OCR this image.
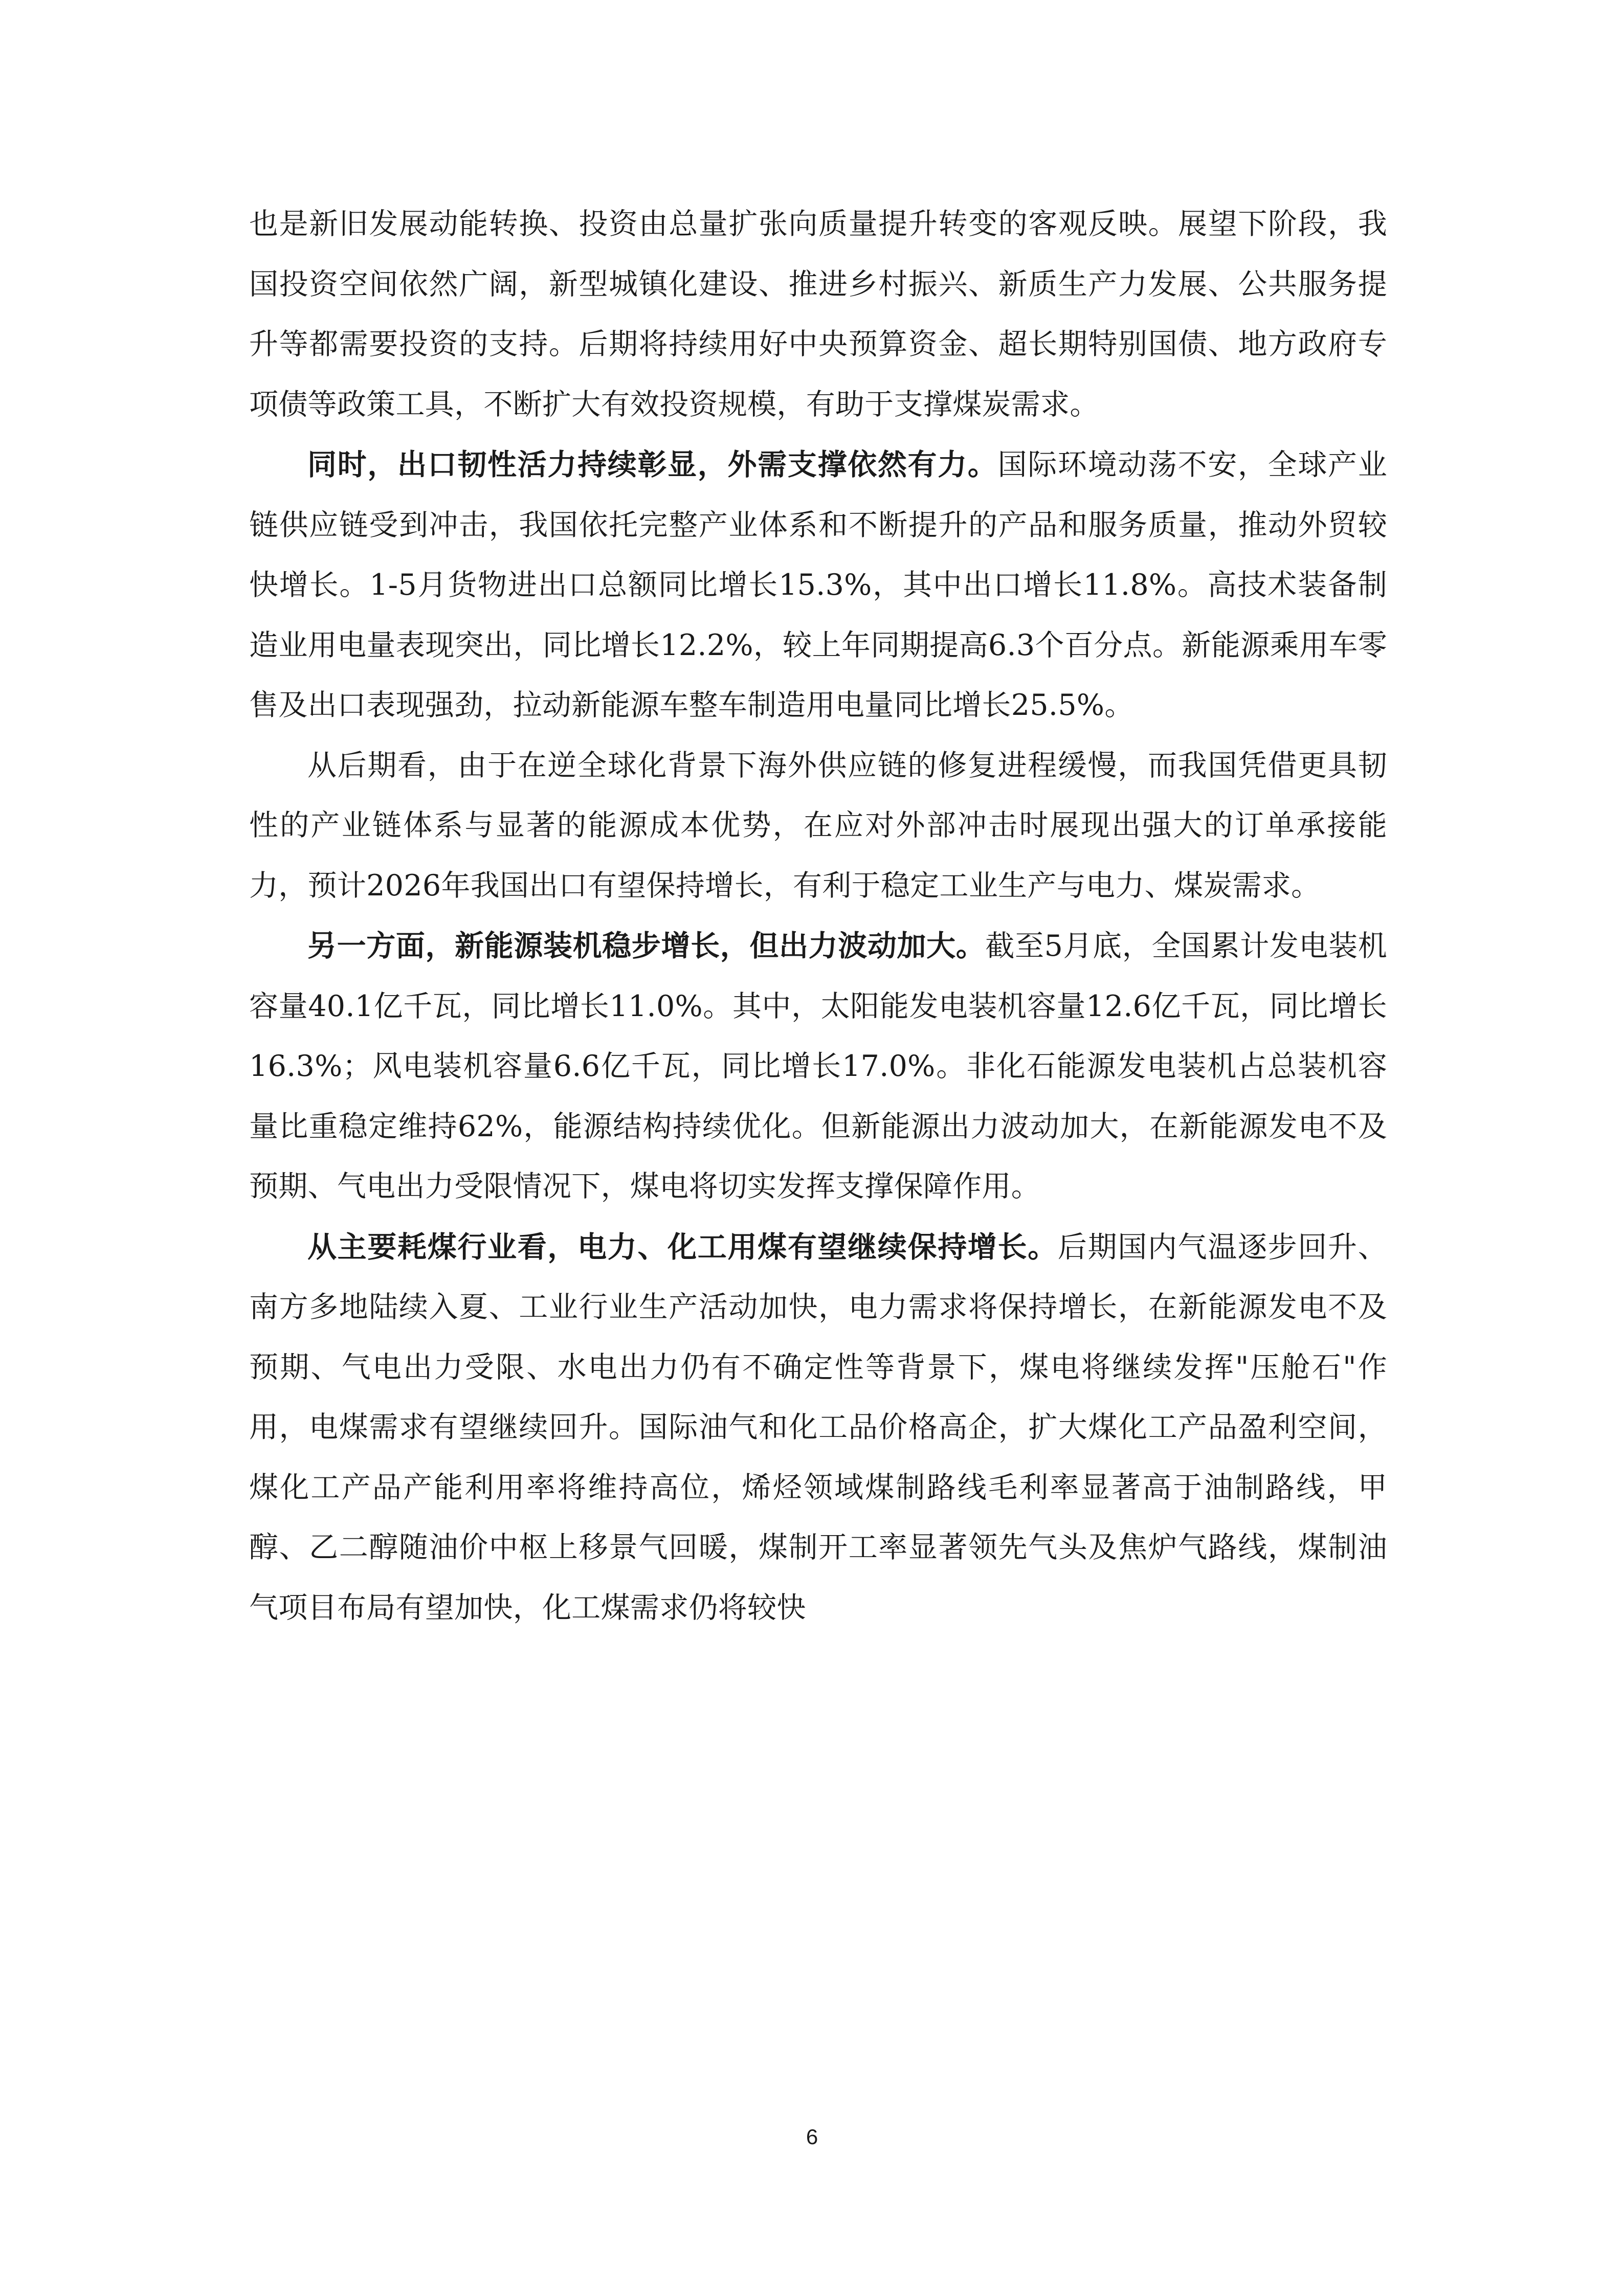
也是新旧发展动能转换、投资由总量扩张向质量提升转变的客观反映。展望下阶段，我国投资空间依然广阔，新型城镇化建设、推进乡村振兴、新质生产力发展、公共服务提升等都需要投资的支持。后期将持续用好中央预算资金、超长期特别国债、地方政府专项债等政策工具，不断扩大有效投资规模，有助于支撑煤炭需求。

同时，出口韧性活力持续彰显，外需支撑依然有力。国际环境动荡不安，全球产业链供应链受到冲击，我国依托完整产业体系和不断提升的产品和服务质量，推动外贸较快增长。1-5月货物进出口总额同比增长15.3%，其中出口增长11.8%。高技术装备制造业用电量表现突出，同比增长12.2%，较上年同期提高6.3个百分点。新能源乘用车零售及出口表现强劲，拉动新能源车整车制造用电量同比增长25.5%。

从后期看，由于在逆全球化背景下海外供应链的修复进程缓慢，而我国凭借更具韧性的产业链体系与显著的能源成本优势，在应对外部冲击时展现出强大的订单承接能力，预计2026年我国出口有望保持增长，有利于稳定工业生产与电力、煤炭需求。

另一方面，新能源装机稳步增长，但出力波动加大。截至5月底，全国累计发电装机容量40.1亿千瓦，同比增长11.0%。其中，太阳能发电装机容量12.6亿千瓦，同比增长16.3%；风电装机容量6.6亿千瓦，同比增长17.0%。非化石能源发电装机占总装机容量比重稳定维持62%，能源结构持续优化。但新能源出力波动加大，在新能源发电不及预期、气电出力受限情况下，煤电将切实发挥支撑保障作用。

从主要耗煤行业看，电力、化工用煤有望继续保持增长。后期国内气温逐步回升、南方多地陆续入夏、工业行业生产活动加快，电力需求将保持增长，在新能源发电不及预期、气电出力受限、水电出力仍有不确定性等背景下，煤电将继续发挥"压舱石"作用，电煤需求有望继续回升。国际油气和化工品价格高企，扩大煤化工产品盈利空间，煤化工产品产能利用率将维持高位，烯烃领域煤制路线毛利率显著高于油制路线，甲醇、乙二醇随油价中枢上移景气回暖，煤制开工率显著领先气头及焦炉气路线，煤制油气项目布局有望加快，化工煤需求仍将较快

6
